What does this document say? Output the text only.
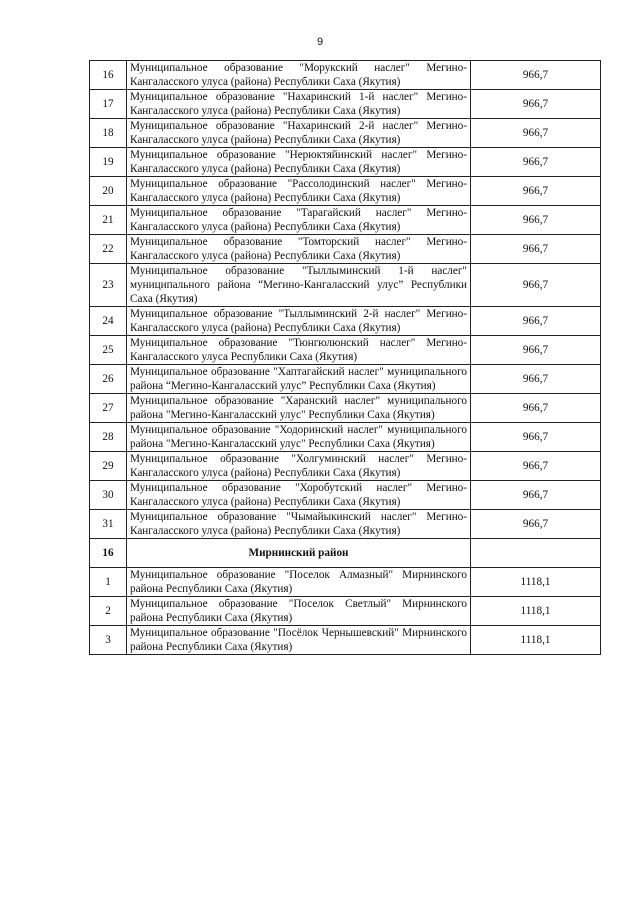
9
16	Муниципальное образование "Морукский наслег" Мегино-Кангаласского улуса (района) Республики Саха (Якутия)	966,7
17	Муниципальное образование "Нахаринский 1-й наслег" Мегино-Кангаласского улуса (района) Республики Саха (Якутия)	966,7
18	Муниципальное образование "Нахаринский 2-й наслег" Мегино-Кангаласского улуса (района) Республики Саха (Якутия)	966,7
19	Муниципальное образование "Нерюктяйинский наслег" Мегино-Кангаласского улуса (района) Республики Саха (Якутия)	966,7
20	Муниципальное образование "Рассолодинский наслег" Мегино-Кангаласского улуса (района) Республики Саха (Якутия)	966,7
21	Муниципальное образование "Тарагайский наслег" Мегино-Кангаласского улуса (района) Республики Саха (Якутия)	966,7
22	Муниципальное образование "Томторский наслег" Мегино-Кангаласского улуса (района) Республики Саха (Якутия)	966,7
23	Муниципальное образование "Тыллыминский 1-й наслег" муниципального района “Мегино-Кангаласский улус” Республики Саха (Якутия)	966,7
24	Муниципальное образование "Тыллыминский 2-й наслег" Мегино-Кангаласского улуса (района) Республики Саха (Якутия)	966,7
25	Муниципальное образование "Тюнгюлюнский наслег" Мегино-Кангаласского улуса Республики Саха (Якутия)	966,7
26	Муниципальное образование "Хаптагайский наслег" муниципального района “Мегино-Кангаласский улус” Республики Саха (Якутия)	966,7
27	Муниципальное образование "Харанский наслег" муниципального района "Мегино-Кангаласский улус" Республики Саха (Якутия)	966,7
28	Муниципальное образование "Ходоринский наслег" муниципального района "Мегино-Кангаласский улус" Республики Саха (Якутия)	966,7
29	Муниципальное образование "Холгуминский наслег" Мегино-Кангаласского улуса (района) Республики Саха (Якутия)	966,7
30	Муниципальное образование "Хоробутский наслег" Мегино-Кангаласского улуса (района) Республики Саха (Якутия)	966,7
31	Муниципальное образование "Чымайыкинский наслег" Мегино-Кангаласского улуса (района) Республики Саха (Якутия)	966,7
16	Мирнинский район	
1	Муниципальное образование "Поселок Алмазный" Мирнинского района Республики Саха (Якутия)	1118,1
2	Муниципальное образование "Поселок Светлый" Мирнинского района Республики Саха (Якутия)	1118,1
3	Муниципальное образование "Посёлок Чернышевский" Мирнинского района Республики Саха (Якутия)	1118,1
